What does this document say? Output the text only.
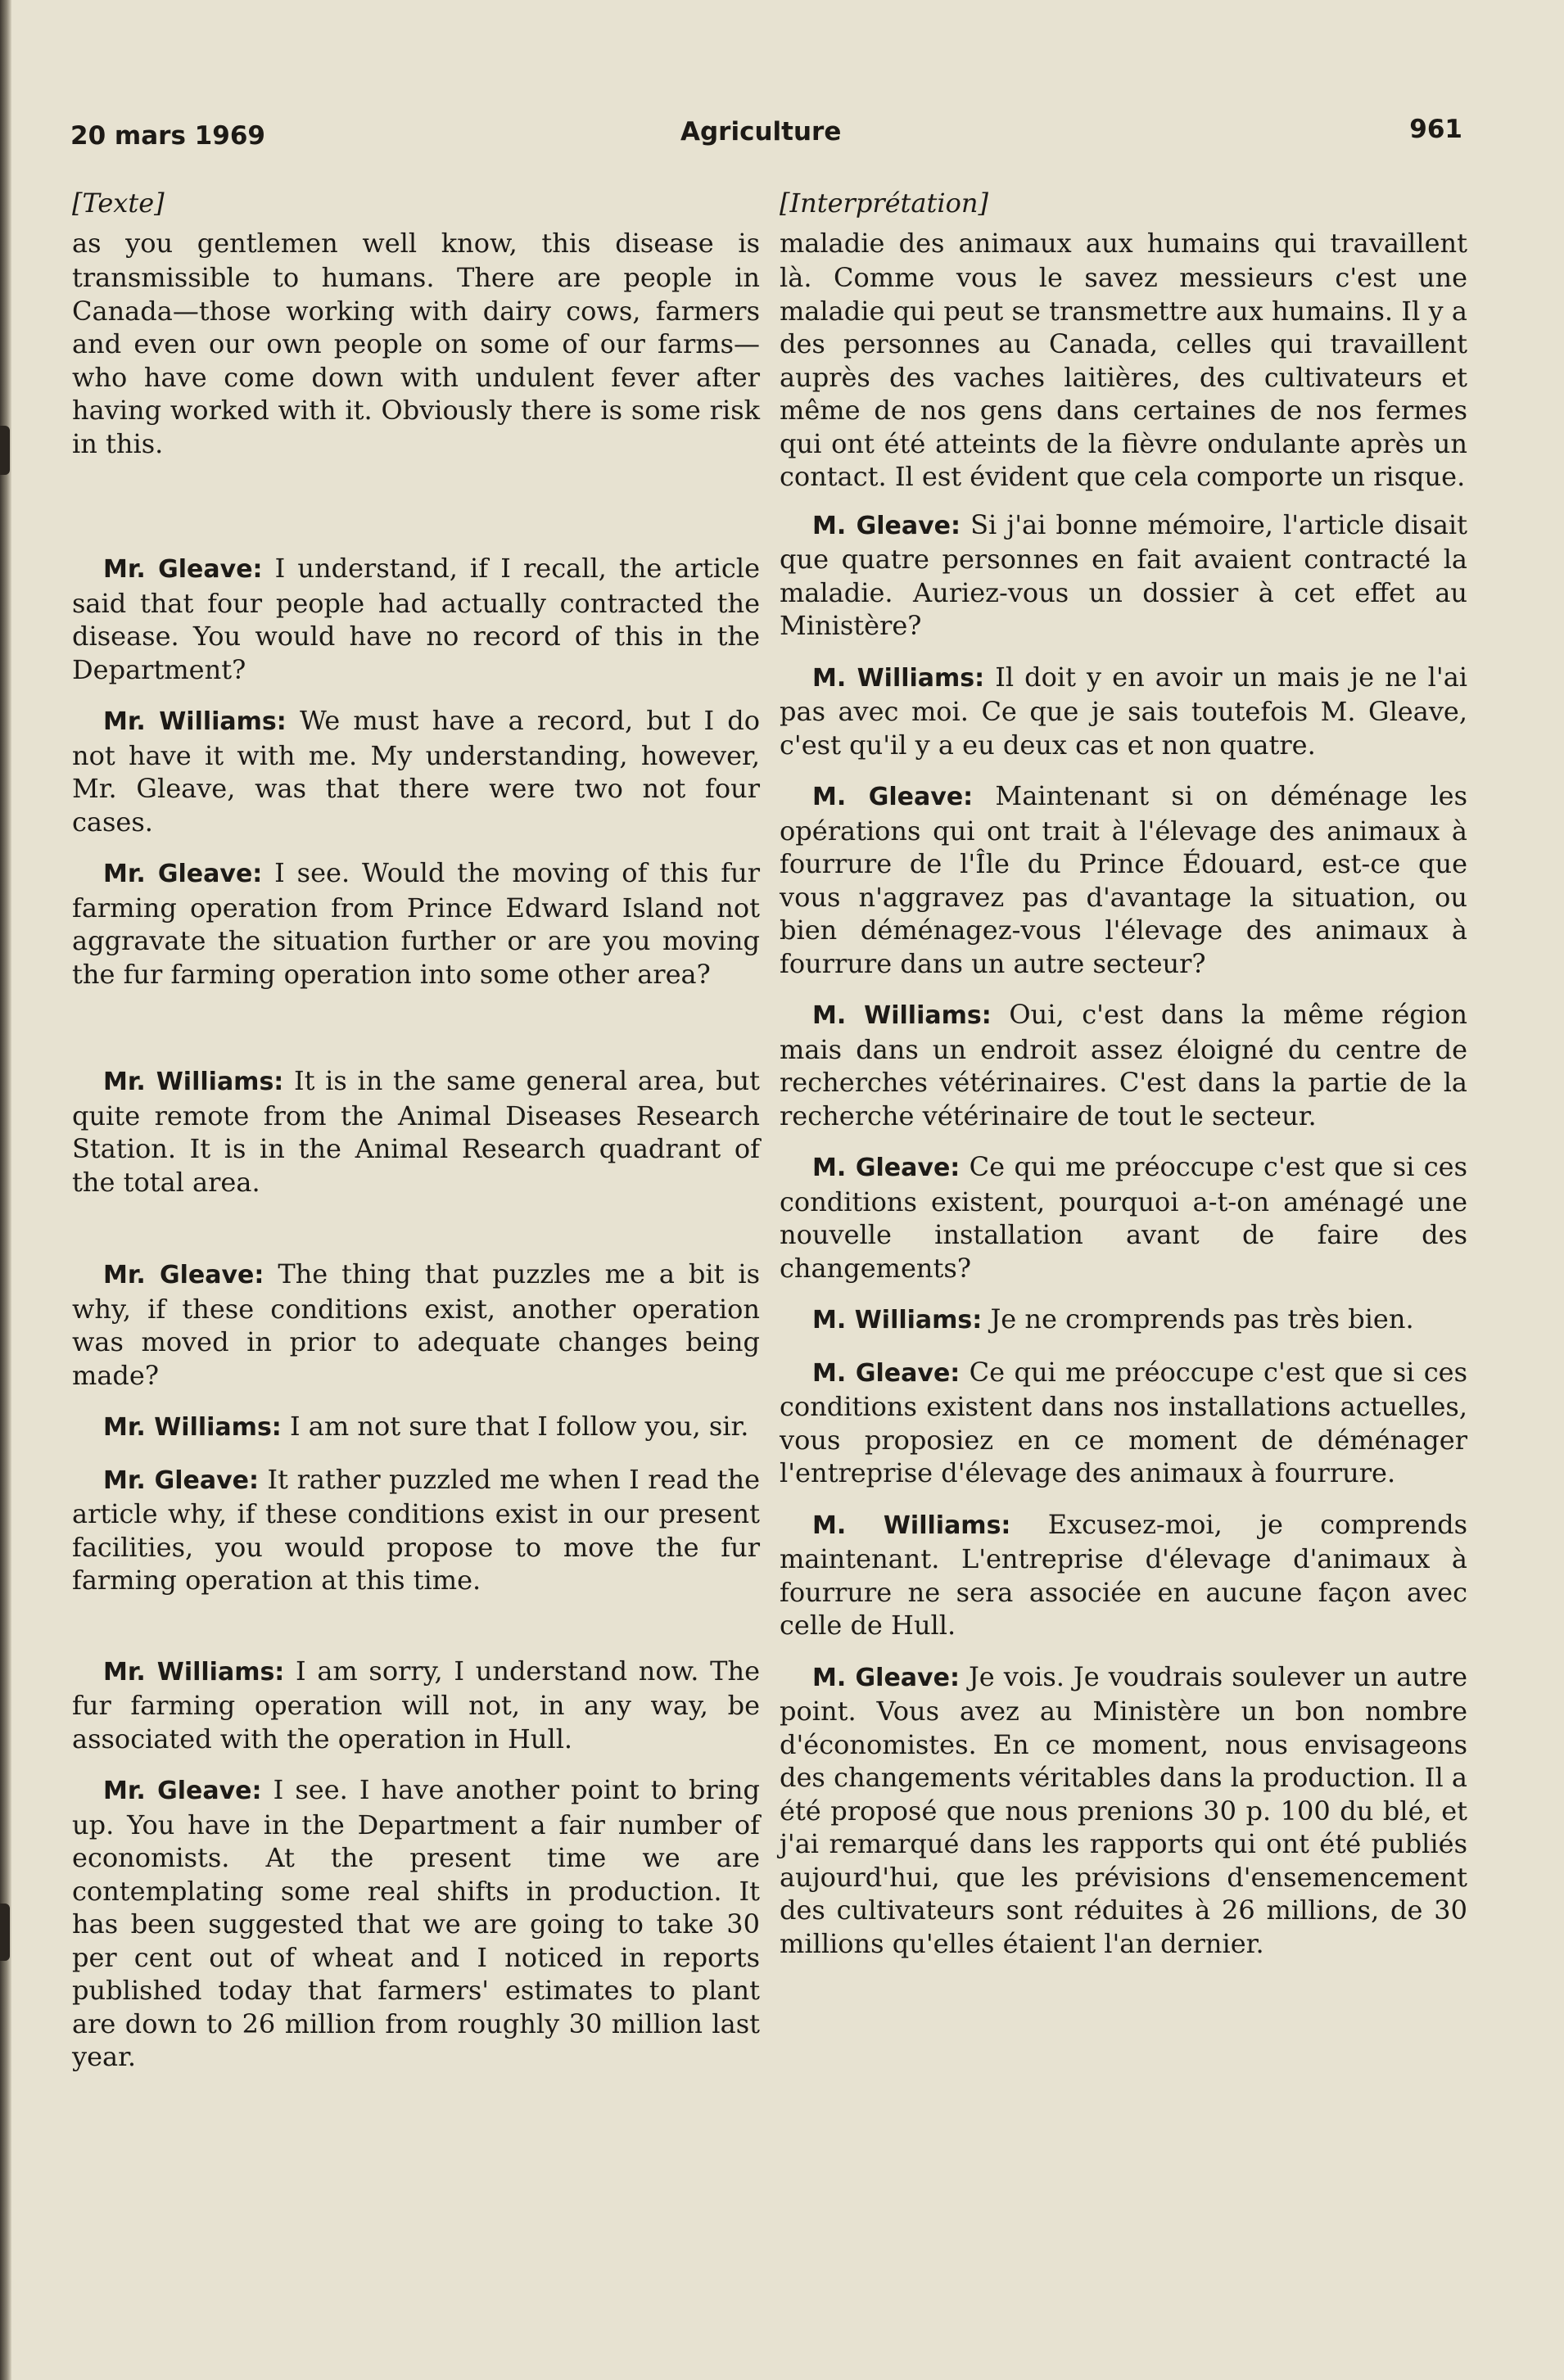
20 mars 1969	Agriculture	961
[Texte]

as you gentlemen well know, this disease is transmissible to humans. There are people in Canada—those working with dairy cows, farmers and even our own people on some of our farms—who have come down with undulent fever after having worked with it. Obviously there is some risk in this.

Mr. Gleave: I understand, if I recall, the article said that four people had actually contracted the disease. You would have no record of this in the Department?

Mr. Williams: We must have a record, but I do not have it with me. My understanding, however, Mr. Gleave, was that there were two not four cases.

Mr. Gleave: I see. Would the moving of this fur farming operation from Prince Edward Island not aggravate the situation further or are you moving the fur farming operation into some other area?

Mr. Williams: It is in the same general area, but quite remote from the Animal Diseases Research Station. It is in the Animal Research quadrant of the total area.

Mr. Gleave: The thing that puzzles me a bit is why, if these conditions exist, another operation was moved in prior to adequate changes being made?

Mr. Williams: I am not sure that I follow you, sir.

Mr. Gleave: It rather puzzled me when I read the article why, if these conditions exist in our present facilities, you would propose to move the fur farming operation at this time.

Mr. Williams: I am sorry, I understand now. The fur farming operation will not, in any way, be associated with the operation in Hull.

Mr. Gleave: I see. I have another point to bring up. You have in the Department a fair number of economists. At the present time we are contemplating some real shifts in production. It has been suggested that we are going to take 30 per cent out of wheat and I noticed in reports published today that farmers' estimates to plant are down to 26 million from roughly 30 million last year.

[Interprétation]

maladie des animaux aux humains qui travaillent là. Comme vous le savez messieurs c'est une maladie qui peut se transmettre aux humains. Il y a des personnes au Canada, celles qui travaillent auprès des vaches laitières, des cultivateurs et même de nos gens dans certaines de nos fermes qui ont été atteints de la fièvre ondulante après un contact. Il est évident que cela comporte un risque.

M. Gleave: Si j'ai bonne mémoire, l'article disait que quatre personnes en fait avaient contracté la maladie. Auriez-vous un dossier à cet effet au Ministère?

M. Williams: Il doit y en avoir un mais je ne l'ai pas avec moi. Ce que je sais toutefois M. Gleave, c'est qu'il y a eu deux cas et non quatre.

M. Gleave: Maintenant si on déménage les opérations qui ont trait à l'élevage des animaux à fourrure de l'Île du Prince Édouard, est-ce que vous n'aggravez pas d'avantage la situation, ou bien déménagez-vous l'élevage des animaux à fourrure dans un autre secteur?

M. Williams: Oui, c'est dans la même région mais dans un endroit assez éloigné du centre de recherches vétérinaires. C'est dans la partie de la recherche vétérinaire de tout le secteur.

M. Gleave: Ce qui me préoccupe c'est que si ces conditions existent, pourquoi a-t-on aménagé une nouvelle installation avant de faire des changements?

M. Williams: Je ne cromprends pas très bien.

M. Gleave: Ce qui me préoccupe c'est que si ces conditions existent dans nos installations actuelles, vous proposiez en ce moment de déménager l'entreprise d'élevage des animaux à fourrure.

M. Williams: Excusez-moi, je comprends maintenant. L'entreprise d'élevage d'animaux à fourrure ne sera associée en aucune façon avec celle de Hull.

M. Gleave: Je vois. Je voudrais soulever un autre point. Vous avez au Ministère un bon nombre d'économistes. En ce moment, nous envisageons des changements véritables dans la production. Il a été proposé que nous prenions 30 p. 100 du blé, et j'ai remarqué dans les rapports qui ont été publiés aujourd'hui, que les prévisions d'ensemencement des cultivateurs sont réduites à 26 millions, de 30 millions qu'elles étaient l'an dernier.
